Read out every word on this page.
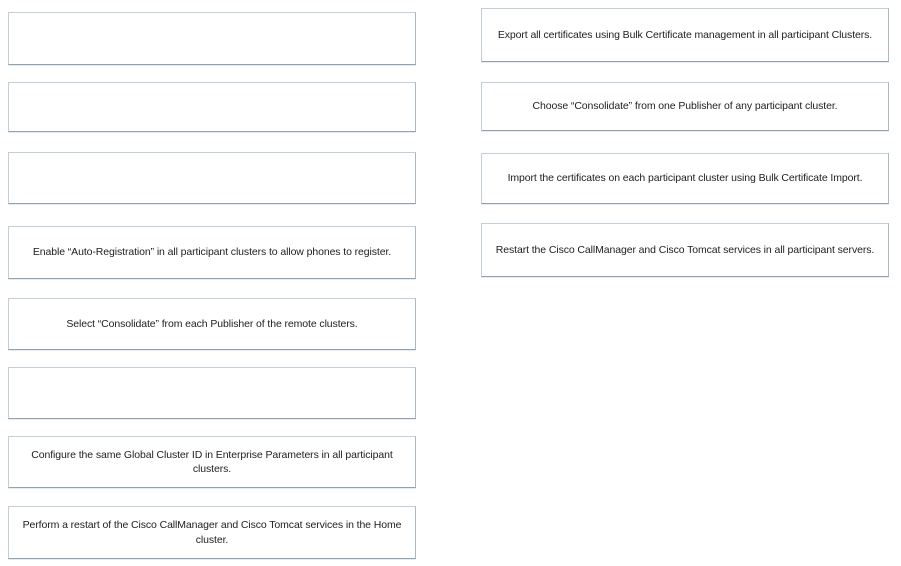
Enable “Auto-Registration” in all participant clusters to allow phones to register.
Select “Consolidate” from each Publisher of the remote clusters.
Configure the same Global Cluster ID in Enterprise Parameters in all participant clusters.
Perform a restart of the Cisco CallManager and Cisco Tomcat services in the Home cluster.
Export all certificates using Bulk Certificate management in all participant Clusters.
Choose “Consolidate” from one Publisher of any participant cluster.
Import the certificates on each participant cluster using Bulk Certificate Import.
Restart the Cisco CallManager and Cisco Tomcat services in all participant servers.
